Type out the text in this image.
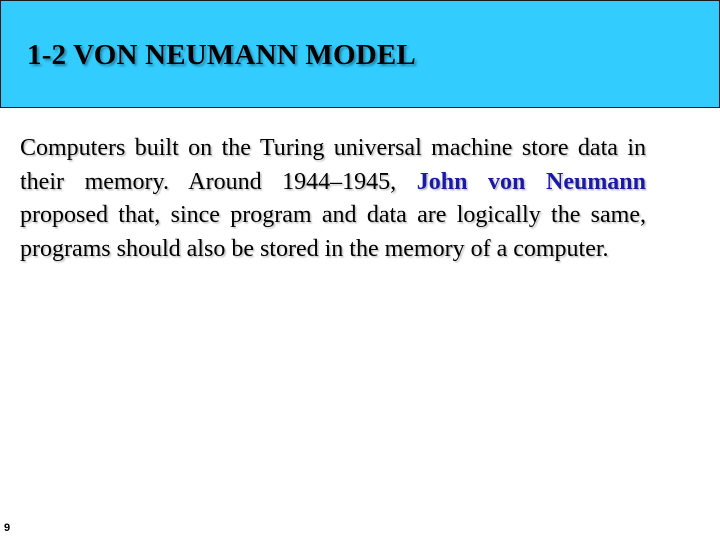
1-2 VON NEUMANN MODEL

Computers built on the Turing universal machine store data in their memory. Around 1944–1945, John von Neumann proposed that, since program and data are logically the same, programs should also be stored in the memory of a computer.

9
